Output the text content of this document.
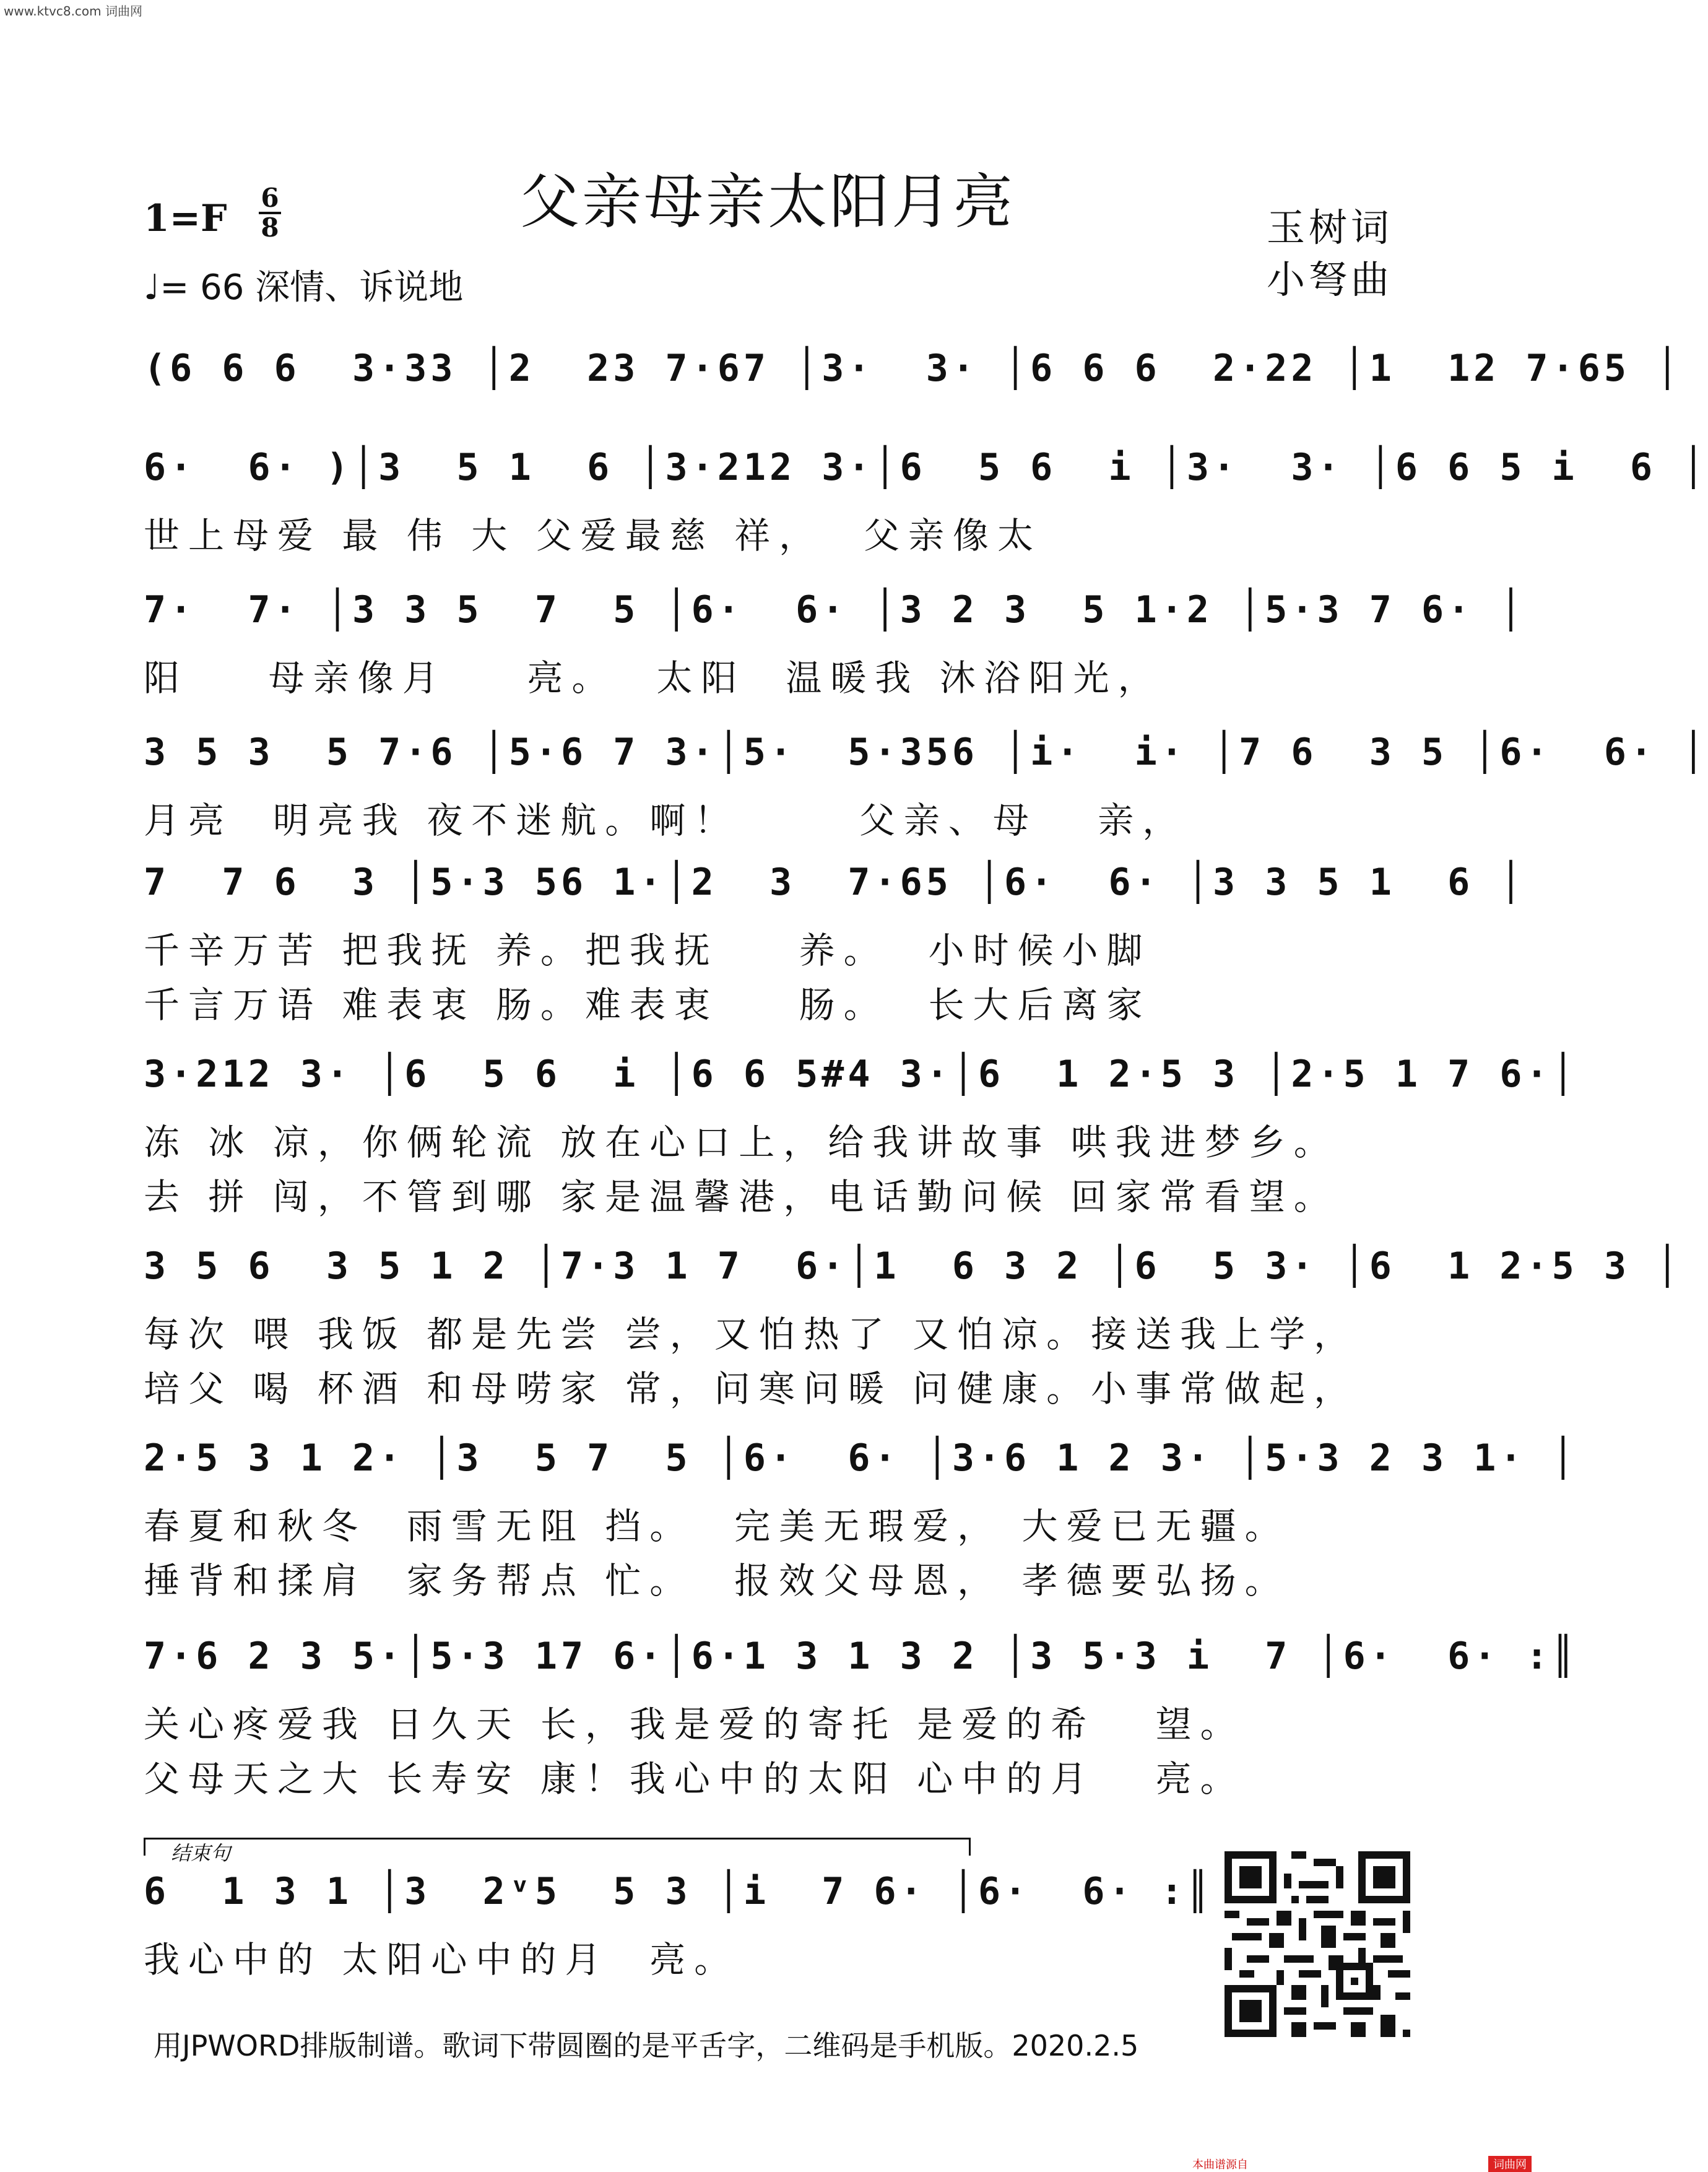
www.ktvc8.com 词曲网
父亲母亲太阳月亮
1=F 6
8
♩= 66 深情、诉说地
玉树词
小弩曲
(6 6 6  3·33 │2  23 7·67 │3·  3· │6 6 6  2·22 │1  12 7·65 │
6·  6· )│3  5 1  6 │3·212 3·│6  5 6  i │3·  3· │6 6 5 i  6 │
世上母爱 最 伟 大 父爱最慈 祥，  父亲像太
7·  7· │3 3 5  7  5 │6·  6· │3 2 3  5 1·2 │5·3 7 6· │
阳    母亲像月    亮。  太阳  温暖我 沐浴阳光，
3 5 3  5 7·6 │5·6 7 3·│5·  5·356 │i·  i· │7 6  3 5 │6·  6· │
月亮  明亮我 夜不迷航。啊！      父亲、母   亲，
7  7 6  3 │5·3 56 1·│2  3  7·65 │6·  6· │3 3 5 1  6 │
千辛万苦 把我抚 养。把我抚    养。  小时候小脚
千言万语 难表衷 肠。难表衷    肠。  长大后离家
3·212 3· │6  5 6  i │6 6 5#4 3·│6  1 2·5 3 │2·5 1 7 6·│
冻 冰 凉，你俩轮流 放在心口上，给我讲故事 哄我进梦乡。
去 拼 闯，不管到哪 家是温馨港，电话勤问候 回家常看望。
3 5 6  3 5 1 2 │7·3 1 7  6·│1  6 3 2 │6  5 3· │6  1 2·5 3 │
每次 喂 我饭 都是先尝 尝，又怕热了 又怕凉。接送我上学，
培父 喝 杯酒 和母唠家 常，问寒问暖 问健康。小事常做起，
2·5 3 1 2· │3  5 7  5 │6·  6· │3·6 1 2 3· │5·3 2 3 1· │
春夏和秋冬  雨雪无阻 挡。  完美无瑕爱， 大爱已无疆。
捶背和揉肩  家务帮点 忙。  报效父母恩， 孝德要弘扬。
7·6 2 3 5·│5·3 17 6·│6·1 3 1 3 2 │3 5·3 i  7 │6·  6· :║
关心疼爱我 日久天 长，我是爱的寄托 是爱的希   望。
父母天之大 长寿安 康！我心中的太阳 心中的月   亮。
6  1 3 1 │3  2ᵛ5  5 3 │i  7 6· │6·  6· :║
我心中的 太阳心中的月  亮。
结束句
用JPWORD排版制谱。歌词下带圆圈的是平舌字，二维码是手机版。2020.2.5
本曲谱源自	词曲网
